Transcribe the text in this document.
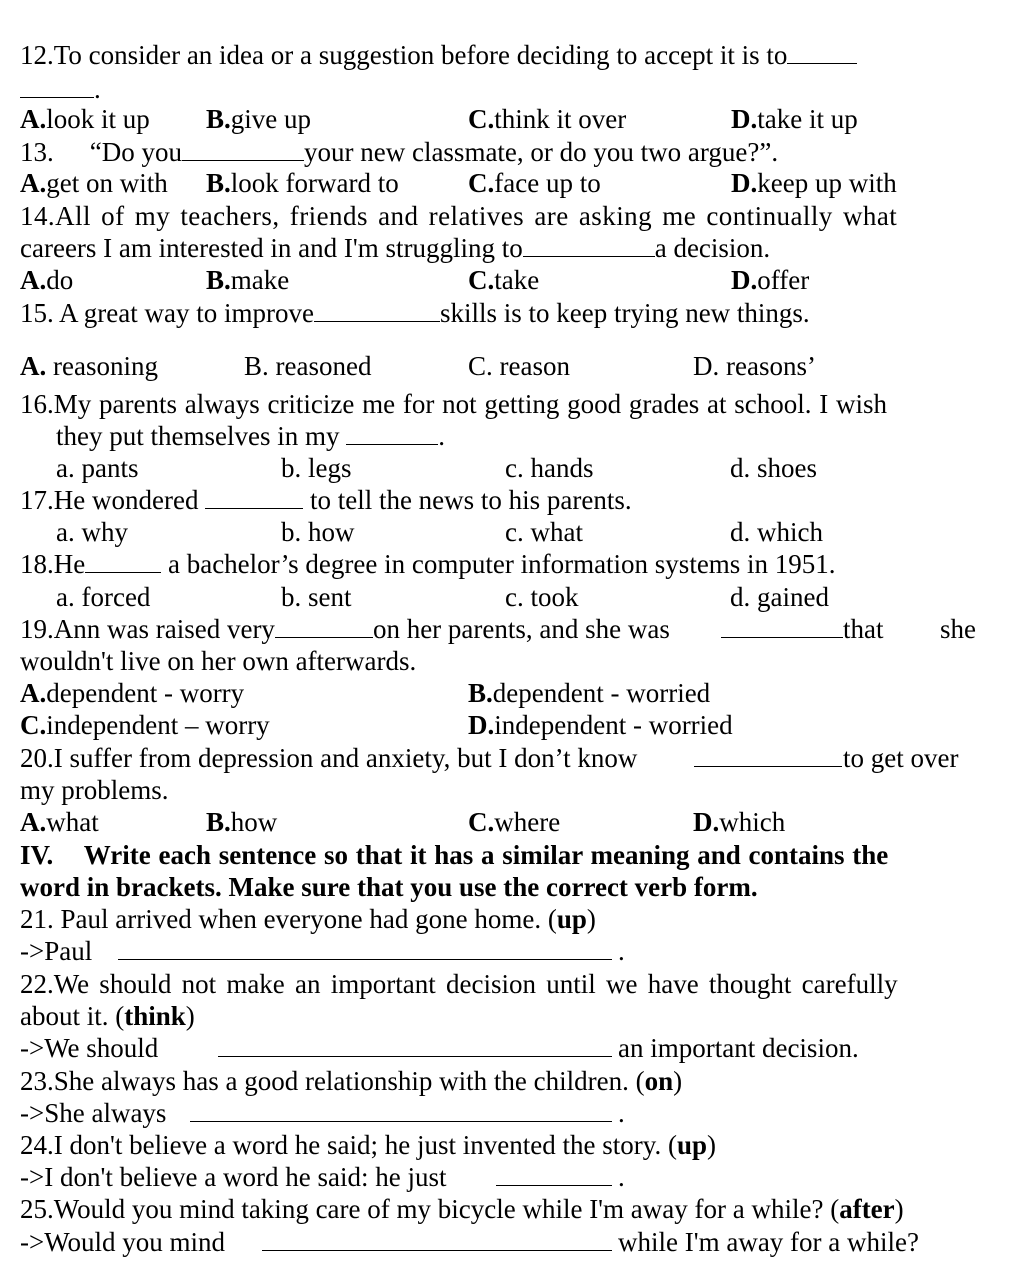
12.To consider an idea or a suggestion before deciding to accept it is to
.
A.look it up B.give up	C.think it over	D.take it up
13. “Do you	your new classmate, or do you two argue?”.
A.get on with B.look forward to	C.face up to	D.keep up with
14.All of my teachers, friends and relatives are asking me continually what
careers I am interested in and I'm struggling to	a decision.
A.do	B.make	C.take	D.offer
15. A great way to improve	skills is to keep trying new things.
A. reasoning	B. reasoned	C. reason	D. reasons’
16.My parents always criticize me for not getting good grades at school. I wish
they put themselves in my	.
a. pants	b. legs	c. hands	d. shoes
17.He wondered	to tell the news to his parents.
a. why	b. how	c. what	d. which
18.He	a bachelor’s degree in computer information systems in 1951.
a. forced	b. sent	c. took	d. gained
19.Ann was raised very	on her parents, and she was	that she
wouldn't live on her own afterwards.
A.dependent - worry	B.dependent - worried
C.independent – worry	D.independent - worried
20.I suffer from depression and anxiety, but I don’t know	to get over
my problems.
A.what	B.how	C.where	D.which
IV.    Write each sentence so that it has a similar meaning and contains the
word in brackets. Make sure that you use the correct verb form.
21. Paul arrived when everyone had gone home. (up)
->Paul	.
22.We should not make an important decision until we have thought carefully
about it. (think)
->We should	an important decision.
23.She always has a good relationship with the children. (on)
->She always	.
24.I don't believe a word he said; he just invented the story. (up)
->I don't believe a word he said: he just	.
25.Would you mind taking care of my bicycle while I'm away for a while? (after)
->Would you mind	while I'm away for a while?
